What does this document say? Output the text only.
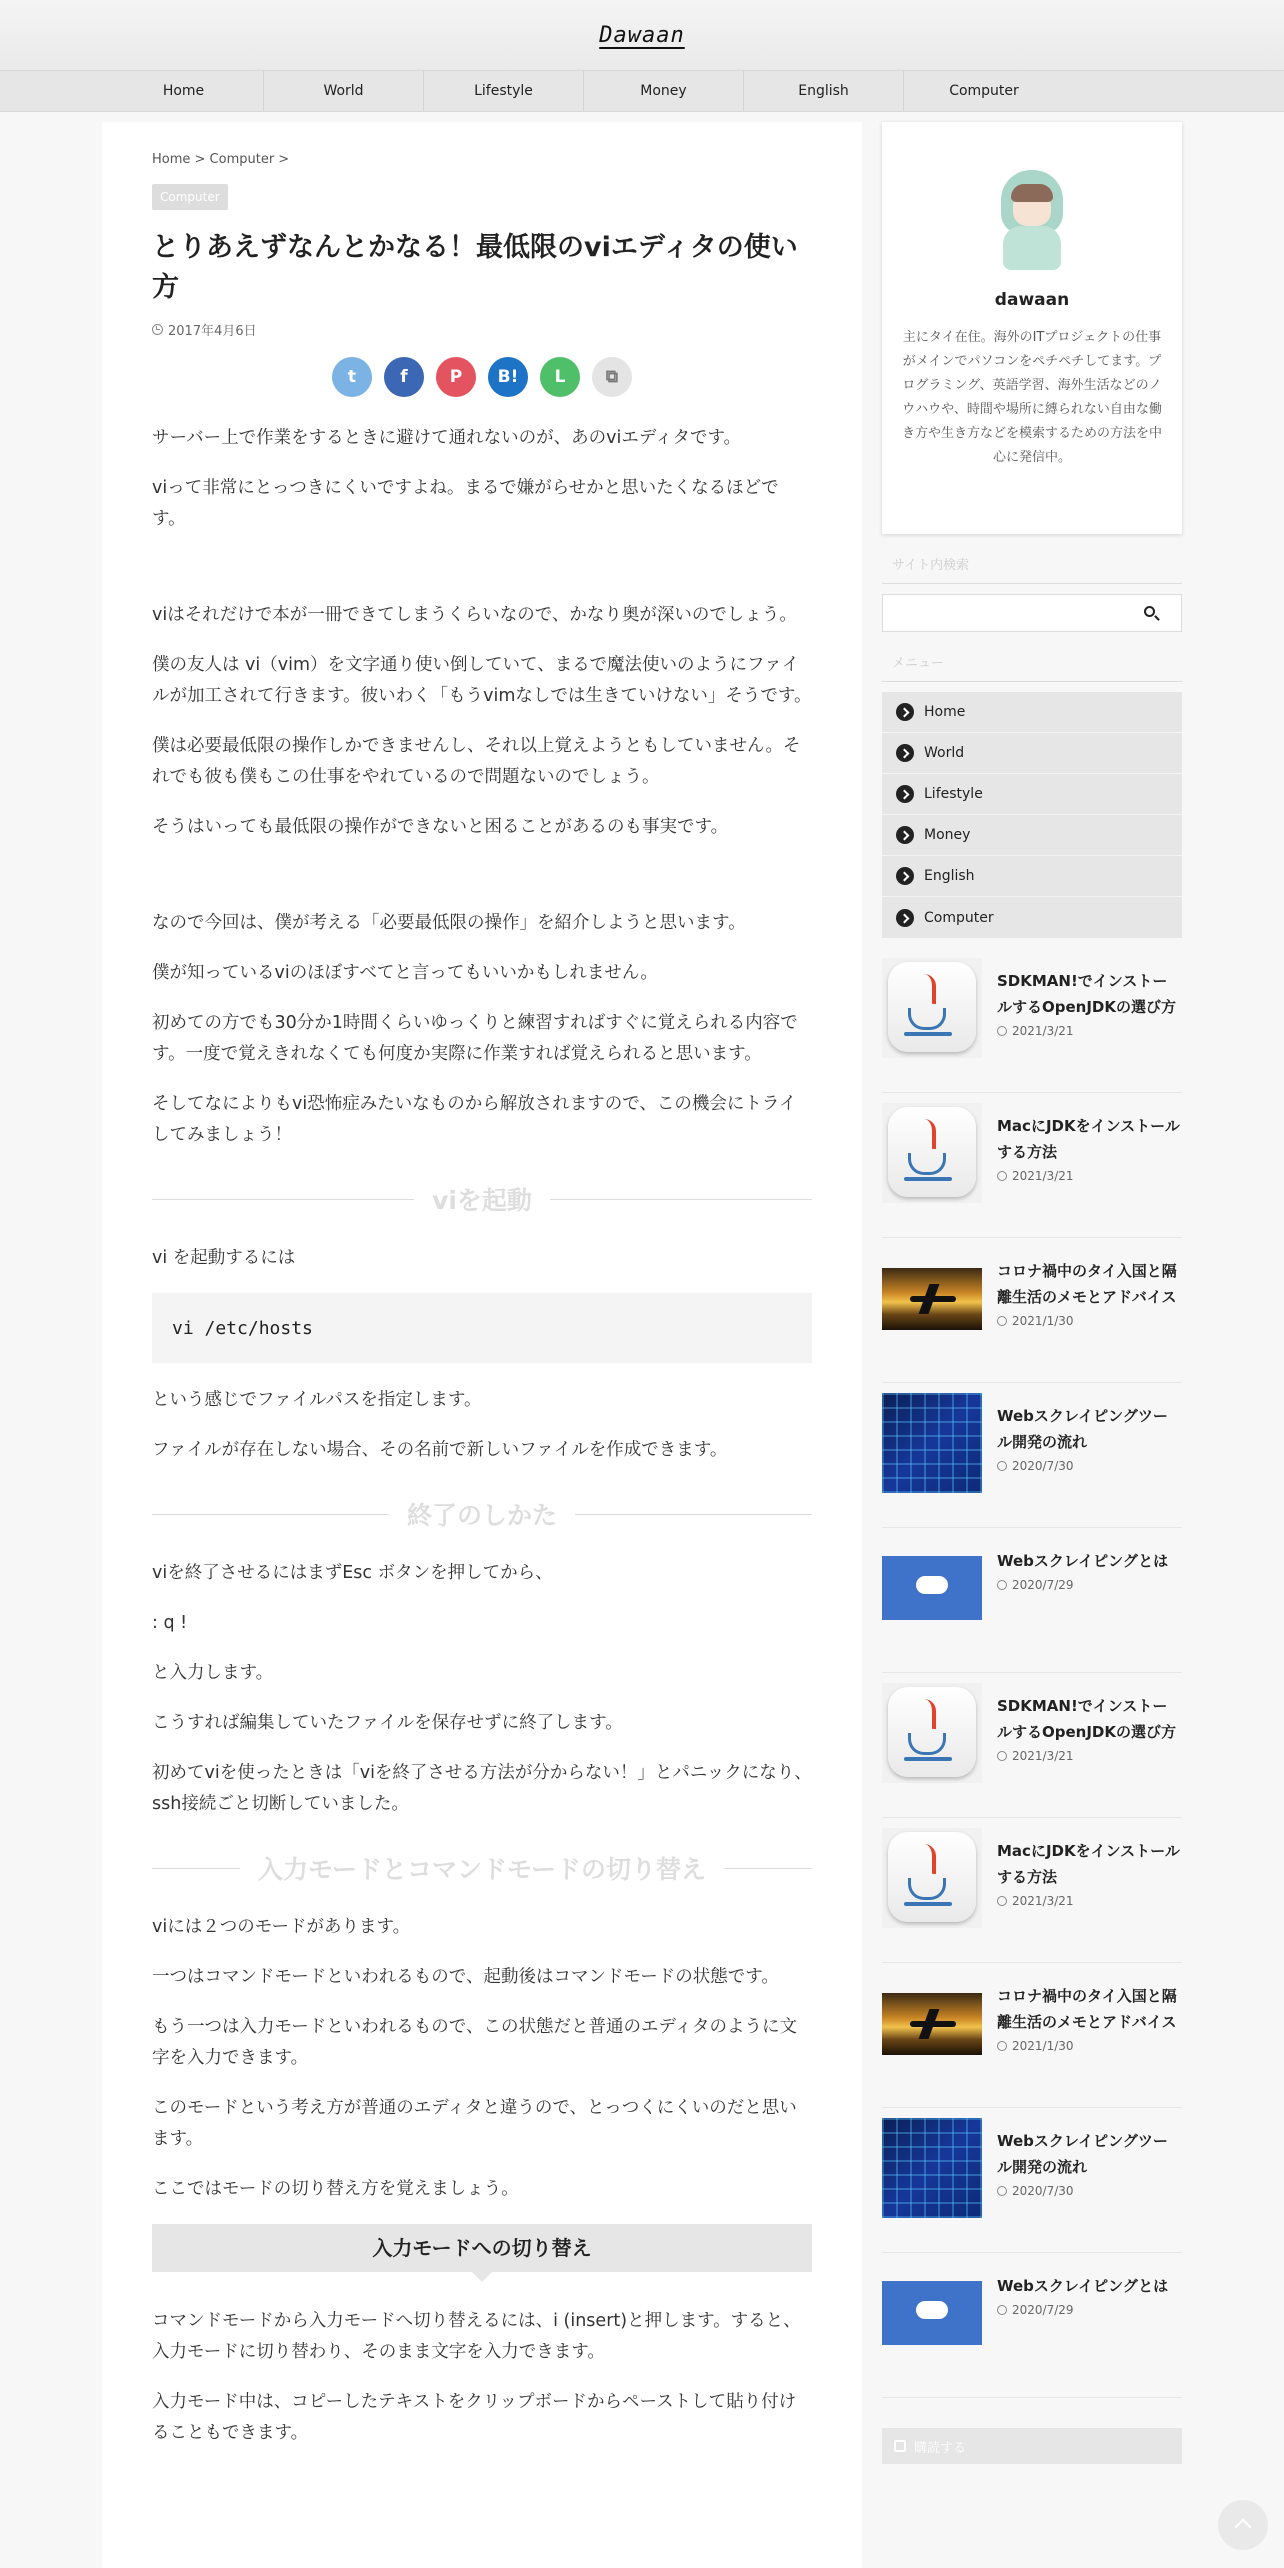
Dawaan
Home	World	Lifestyle	Money	English	Computer
Home > Computer >
Computer
とりあえずなんとかなる！最低限のviエディタの使い方
2017年4月6日
t	f	P	B!	L	⧉

サーバー上で作業をするときに避けて通れないのが、あのviエディタです。

viって非常にとっつきにくいですよね。まるで嫌がらせかと思いたくなるほどです。

viはそれだけで本が一冊できてしまうくらいなので、かなり奥が深いのでしょう。

僕の友人は vi（vim）を文字通り使い倒していて、まるで魔法使いのようにファイルが加工されて行きます。彼いわく「もうvimなしでは生きていけない」そうです。

僕は必要最低限の操作しかできませんし、それ以上覚えようともしていません。それでも彼も僕もこの仕事をやれているので問題ないのでしょう。

そうはいっても最低限の操作ができないと困ることがあるのも事実です。

なので今回は、僕が考える「必要最低限の操作」を紹介しようと思います。

僕が知っているviのほぼすべてと言ってもいいかもしれません。

初めての方でも30分か1時間くらいゆっくりと練習すればすぐに覚えられる内容です。一度で覚えきれなくても何度か実際に作業すれば覚えられると思います。

そしてなによりもvi恐怖症みたいなものから解放されますので、この機会にトライしてみましょう！

viを起動

vi を起動するには

vi /etc/hosts

という感じでファイルパスを指定します。

ファイルが存在しない場合、その名前で新しいファイルを作成できます。

終了のしかた

viを終了させるにはまずEsc ボタンを押してから、

: q !

と入力します。

こうすれば編集していたファイルを保存せずに終了します。

初めてviを使ったときは「viを終了させる方法が分からない！」とパニックになり、ssh接続ごと切断していました。

入力モードとコマンドモードの切り替え

viには２つのモードがあります。

一つはコマンドモードといわれるもので、起動後はコマンドモードの状態です。

もう一つは入力モードといわれるもので、この状態だと普通のエディタのように文字を入力できます。

このモードという考え方が普通のエディタと違うので、とっつくにくいのだと思います。

ここではモードの切り替え方を覚えましょう。

入力モードへの切り替え

コマンドモードから入力モードへ切り替えるには、i (insert)と押します。すると、入力モードに切り替わり、そのまま文字を入力できます。

入力モード中は、コピーしたテキストをクリップボードからペーストして貼り付けることもできます。

dawaan
主にタイ在住。海外のITプロジェクトの仕事がメインでパソコンをペチペチしてます。プログラミング、英語学習、海外生活などのノウハウや、時間や場所に縛られない自由な働き方や生き方などを模索するための方法を中心に発信中。
サイト内検索
メニュー
Home
World
Lifestyle
Money
English
Computer
SDKMAN!でインストールするOpenJDKの選び方
2021/3/21
MacにJDKをインストールする方法
2021/3/21
コロナ禍中のタイ入国と隔離生活のメモとアドバイス
2021/1/30
Webスクレイピングツール開発の流れ
2020/7/30
Webスクレイピングとは
2020/7/29
SDKMAN!でインストールするOpenJDKの選び方
2021/3/21
MacにJDKをインストールする方法
2021/3/21
コロナ禍中のタイ入国と隔離生活のメモとアドバイス
2021/1/30
Webスクレイピングツール開発の流れ
2020/7/30
Webスクレイピングとは
2020/7/29
購読する
